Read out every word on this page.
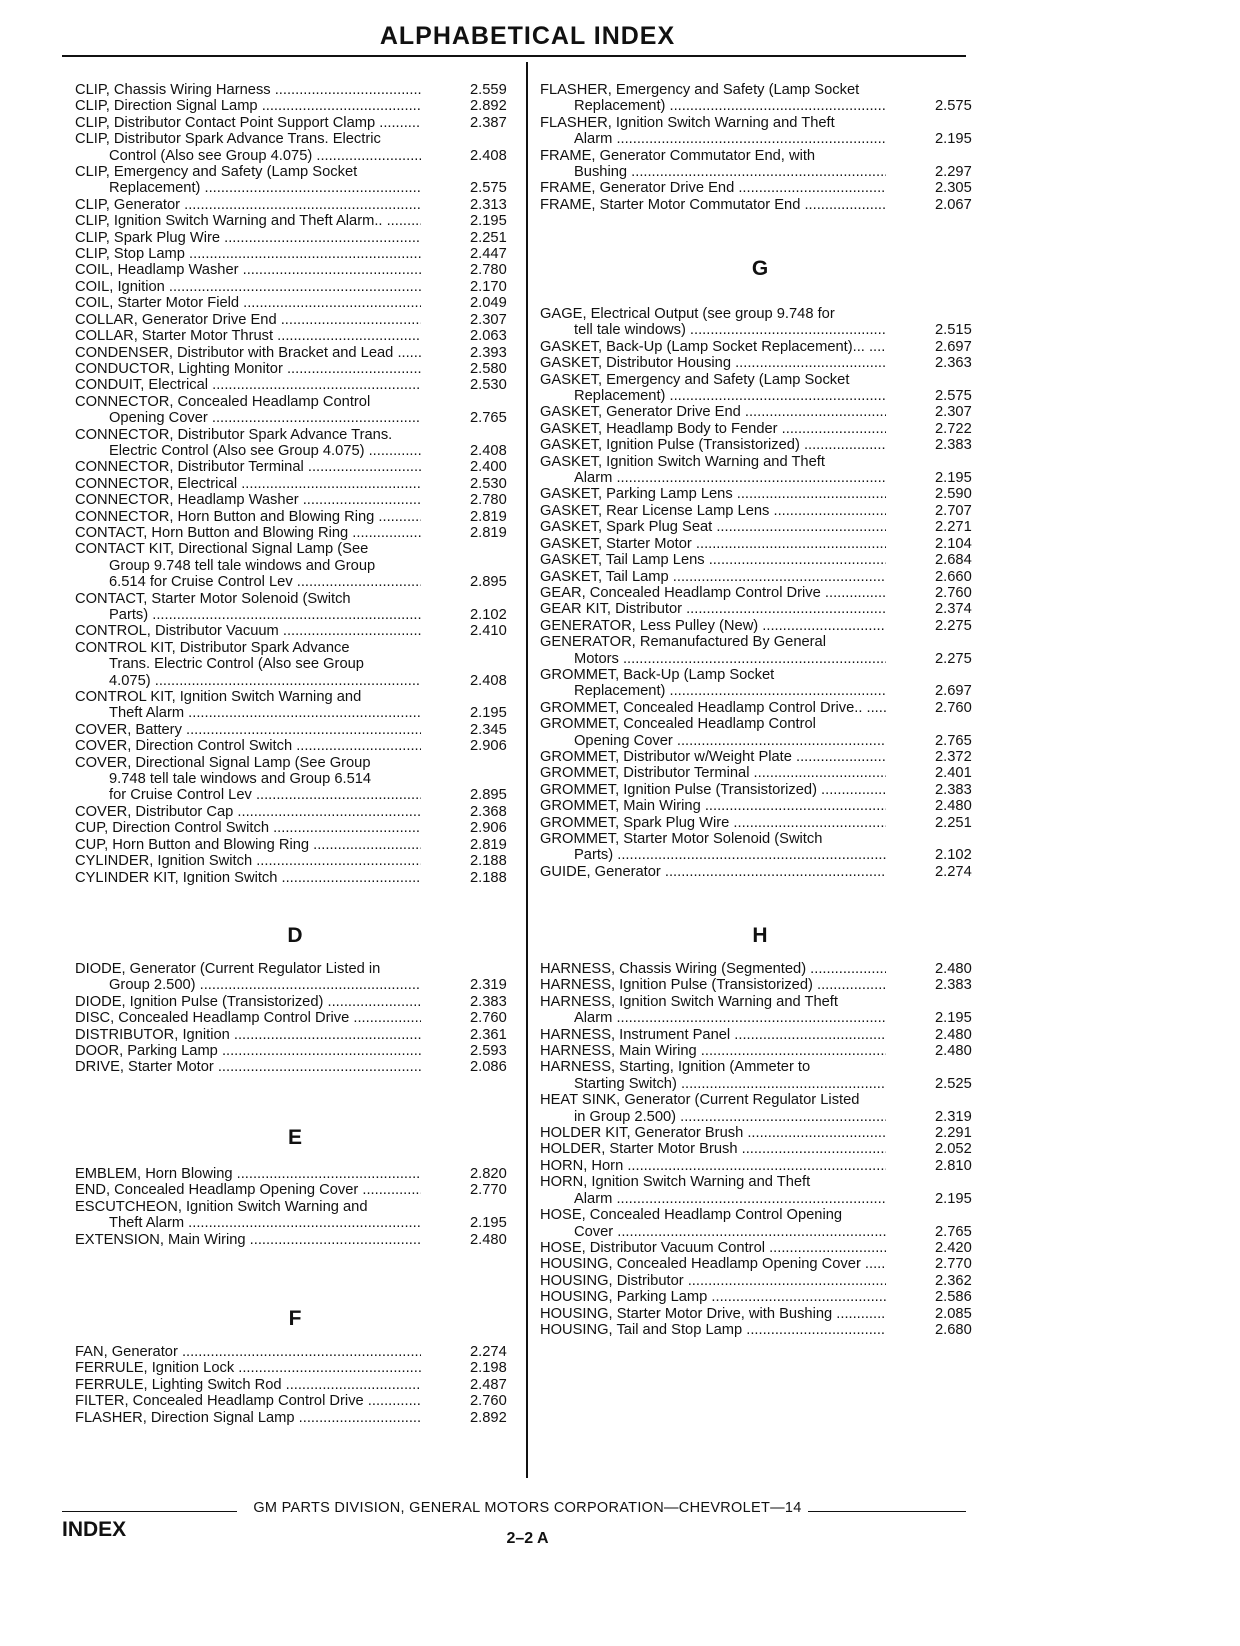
ALPHABETICAL INDEX
CLIP, Chassis Wiring Harness .....	2.559
CLIP, Direction Signal Lamp .....	2.892
CLIP, Distributor Contact Point Support Clamp .....	2.387
CLIP, Distributor Spark Advance Trans. Electric
Control (Also see Group 4.075) .....	2.408
CLIP, Emergency and Safety (Lamp Socket
Replacement) .....	2.575
CLIP, Generator .....	2.313
CLIP, Ignition Switch Warning and Theft Alarm.. .....	2.195
CLIP, Spark Plug Wire .....	2.251
CLIP, Stop Lamp .....	2.447
COIL, Headlamp Washer .....	2.780
COIL, Ignition .....	2.170
COIL, Starter Motor Field .....	2.049
COLLAR, Generator Drive End .....	2.307
COLLAR, Starter Motor Thrust .....	2.063
CONDENSER, Distributor with Bracket and Lead .....	2.393
CONDUCTOR, Lighting Monitor .....	2.580
CONDUIT, Electrical .....	2.530
CONNECTOR, Concealed Headlamp Control
Opening Cover .....	2.765
CONNECTOR, Distributor Spark Advance Trans.
Electric Control (Also see Group 4.075) .....	2.408
CONNECTOR, Distributor Terminal .....	2.400
CONNECTOR, Electrical .....	2.530
CONNECTOR, Headlamp Washer .....	2.780
CONNECTOR, Horn Button and Blowing Ring .....	2.819
CONTACT, Horn Button and Blowing Ring .....	2.819
CONTACT KIT, Directional Signal Lamp (See
Group 9.748 tell tale windows and Group
6.514 for Cruise Control Lev .....	2.895
CONTACT, Starter Motor Solenoid (Switch
Parts) .....	2.102
CONTROL, Distributor Vacuum .....	2.410
CONTROL KIT, Distributor Spark Advance
Trans. Electric Control (Also see Group
4.075) .....	2.408
CONTROL KIT, Ignition Switch Warning and
Theft Alarm .....	2.195
COVER, Battery .....	2.345
COVER, Direction Control Switch .....	2.906
COVER, Directional Signal Lamp (See Group
9.748 tell tale windows and Group 6.514
for Cruise Control Lev .....	2.895
COVER, Distributor Cap .....	2.368
CUP, Direction Control Switch .....	2.906
CUP, Horn Button and Blowing Ring .....	2.819
CYLINDER, Ignition Switch .....	2.188
CYLINDER KIT, Ignition Switch .....	2.188
D
DIODE, Generator (Current Regulator Listed in
Group 2.500) .....	2.319
DIODE, Ignition Pulse (Transistorized) .....	2.383
DISC, Concealed Headlamp Control Drive .....	2.760
DISTRIBUTOR, Ignition .....	2.361
DOOR, Parking Lamp .....	2.593
DRIVE, Starter Motor .....	2.086
E
EMBLEM, Horn Blowing .....	2.820
END, Concealed Headlamp Opening Cover .....	2.770
ESCUTCHEON, Ignition Switch Warning and
Theft Alarm .....	2.195
EXTENSION, Main Wiring .....	2.480
F
FAN, Generator .....	2.274
FERRULE, Ignition Lock .....	2.198
FERRULE, Lighting Switch Rod .....	2.487
FILTER, Concealed Headlamp Control Drive .....	2.760
FLASHER, Direction Signal Lamp .....	2.892
FLASHER, Emergency and Safety (Lamp Socket
Replacement) .....	2.575
FLASHER, Ignition Switch Warning and Theft
Alarm .....	2.195
FRAME, Generator Commutator End, with
Bushing .....	2.297
FRAME, Generator Drive End .....	2.305
FRAME, Starter Motor Commutator End .....	2.067
G
GAGE, Electrical Output (see group 9.748 for
tell tale windows) .....	2.515
GASKET, Back-Up (Lamp Socket Replacement)... .....	2.697
GASKET, Distributor Housing .....	2.363
GASKET, Emergency and Safety (Lamp Socket
Replacement) .....	2.575
GASKET, Generator Drive End .....	2.307
GASKET, Headlamp Body to Fender .....	2.722
GASKET, Ignition Pulse (Transistorized) .....	2.383
GASKET, Ignition Switch Warning and Theft
Alarm .....	2.195
GASKET, Parking Lamp Lens .....	2.590
GASKET, Rear License Lamp Lens .....	2.707
GASKET, Spark Plug Seat .....	2.271
GASKET, Starter Motor .....	2.104
GASKET, Tail Lamp Lens .....	2.684
GASKET, Tail Lamp .....	2.660
GEAR, Concealed Headlamp Control Drive .....	2.760
GEAR KIT, Distributor .....	2.374
GENERATOR, Less Pulley (New) .....	2.275
GENERATOR, Remanufactured By General
Motors .....	2.275
GROMMET, Back-Up (Lamp Socket
Replacement) .....	2.697
GROMMET, Concealed Headlamp Control Drive.. .....	2.760
GROMMET, Concealed Headlamp Control
Opening Cover .....	2.765
GROMMET, Distributor w/Weight Plate .....	2.372
GROMMET, Distributor Terminal .....	2.401
GROMMET, Ignition Pulse (Transistorized) .....	2.383
GROMMET, Main Wiring .....	2.480
GROMMET, Spark Plug Wire .....	2.251
GROMMET, Starter Motor Solenoid (Switch
Parts) .....	2.102
GUIDE, Generator .....	2.274
H
HARNESS, Chassis Wiring (Segmented) .....	2.480
HARNESS, Ignition Pulse (Transistorized) .....	2.383
HARNESS, Ignition Switch Warning and Theft
Alarm .....	2.195
HARNESS, Instrument Panel .....	2.480
HARNESS, Main Wiring .....	2.480
HARNESS, Starting, Ignition (Ammeter to
Starting Switch) .....	2.525
HEAT SINK, Generator (Current Regulator Listed
in Group 2.500) .....	2.319
HOLDER KIT, Generator Brush .....	2.291
HOLDER, Starter Motor Brush .....	2.052
HORN, Horn .....	2.810
HORN, Ignition Switch Warning and Theft
Alarm .....	2.195
HOSE, Concealed Headlamp Control Opening
Cover .....	2.765
HOSE, Distributor Vacuum Control .....	2.420
HOUSING, Concealed Headlamp Opening Cover .....	2.770
HOUSING, Distributor .....	2.362
HOUSING, Parking Lamp .....	2.586
HOUSING, Starter Motor Drive, with Bushing .....	2.085
HOUSING, Tail and Stop Lamp .....	2.680
GM PARTS DIVISION, GENERAL MOTORS CORPORATION—CHEVROLET—14
INDEX	2–2 A
